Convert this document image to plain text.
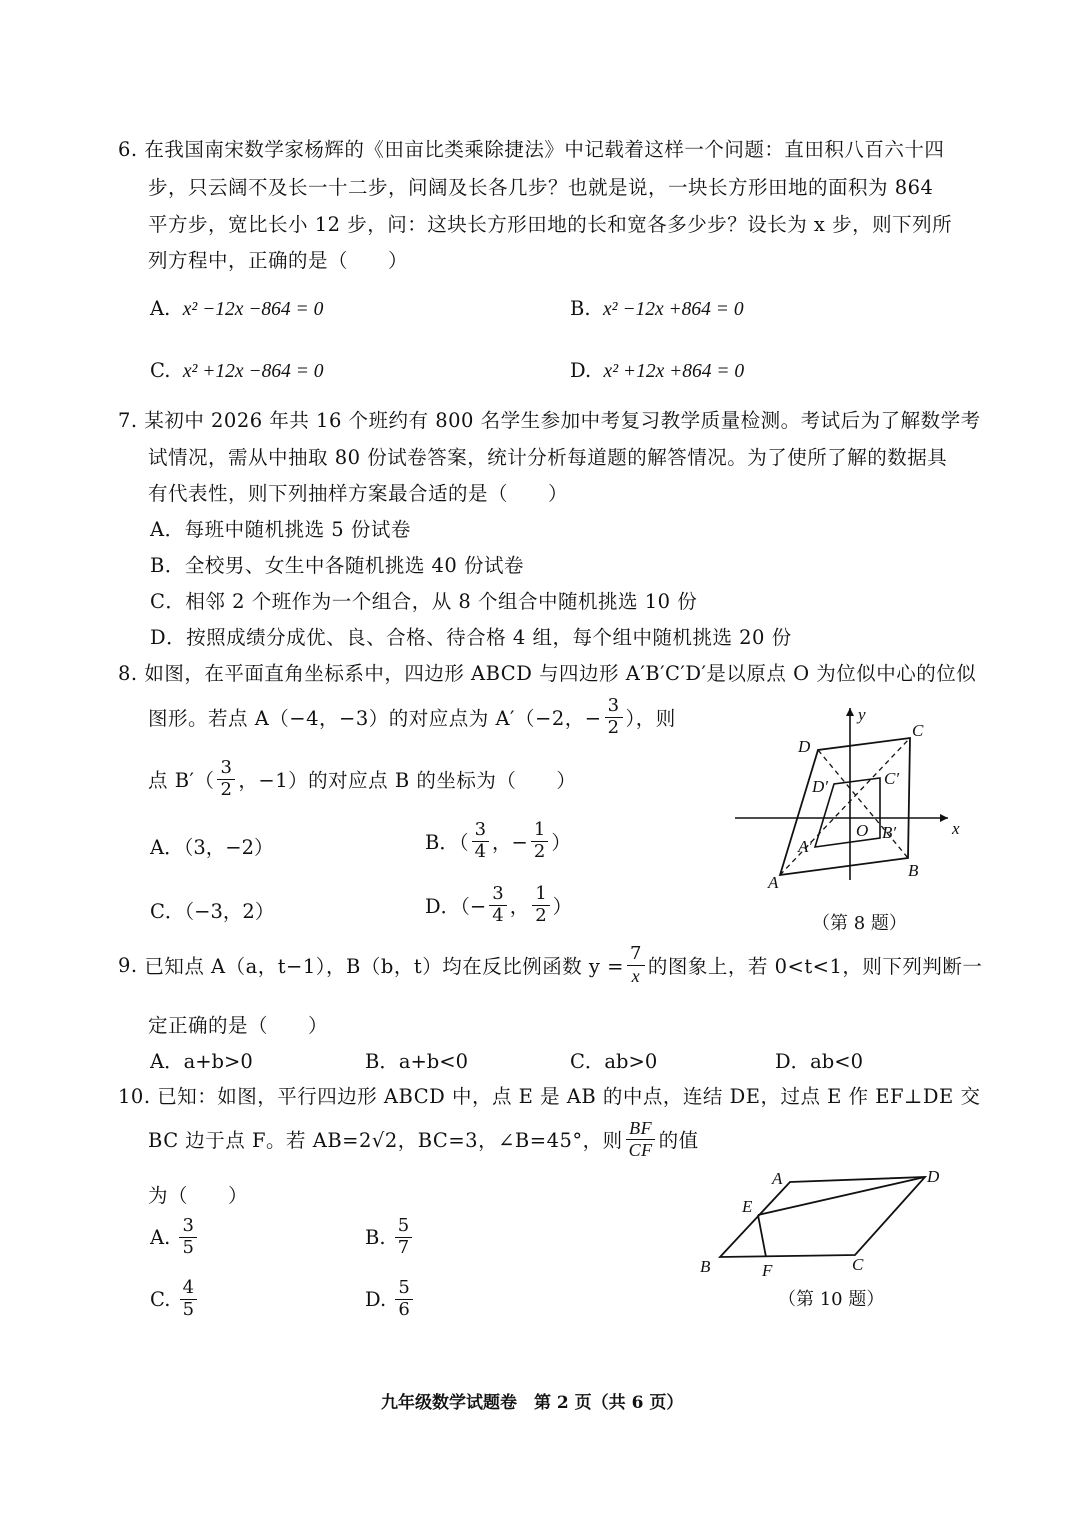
6. 在我国南宋数学家杨辉的《田亩比类乘除捷法》中记载着这样一个问题：直田积八百六十四
步，只云阔不及长一十二步，问阔及长各几步？也就是说，一块长方形田地的面积为 864
平方步，宽比长小 12 步，问：这块长方形田地的长和宽各多少步？设长为 x 步，则下列所
列方程中，正确的是（　　）
A. x² −12x −864 = 0	B. x² −12x +864 = 0
C. x² +12x −864 = 0	D. x² +12x +864 = 0
7. 某初中 2026 年共 16 个班约有 800 名学生参加中考复习教学质量检测。考试后为了解数学考
试情况，需从中抽取 80 份试卷答案，统计分析每道题的解答情况。为了使所了解的数据具
有代表性，则下列抽样方案最合适的是（　　）
A．每班中随机挑选 5 份试卷
B．全校男、女生中各随机挑选 40 份试卷
C．相邻 2 个班作为一个组合，从 8 个组合中随机挑选 10 份
D．按照成绩分成优、良、合格、待合格 4 组，每个组中随机挑选 20 份
8. 如图，在平面直角坐标系中，四边形 ABCD 与四边形 A′B′C′D′是以原点 O 为位似中心的位似
图形。若点 A（−4，−3）的对应点为 A′（−2，− $\frac{3}{2}$ ），则
点 $B'( \frac{3}{2}$ ，−1）的对应点 B 的坐标为（　　）
A．（3，−2）	B．（ $\frac{3}{4}$ ，− $\frac{1}{2}$ ）
C．（−3，2）	D．（− $\frac{3}{4}$ ， $\frac{1}{2}$ ）
y
x
O
A
B
C
D
A′
B′
C′
D′
（第 8 题）
9.
已知点 A（a，t−1），B（b，t）均在反比例函数 $y = \frac{7}{x}$ 的图象上，若 0<t<1，则下列判断一
定正确的是（　　）
A．a+b>0	B．a+b<0	C．ab>0	D．ab<0
10. 已知：如图，平行四边形 ABCD 中，点 E 是 AB 的中点，连结 DE，过点 E 作 EF⊥DE 交
BC 边于点 F。若 AB=2√2，BC=3，∠B=45°，则 $\frac{BF}{CF}$ 的值
为（　　）
A.
$\frac{3}{5}$	B.
$\frac{5}{7}$
C.
$\frac{4}{5}$	D.
$\frac{5}{6}$
A
B	C
D
E
F
（第 10 题）
九年级数学试题卷　第 2 页（共 6 页）
